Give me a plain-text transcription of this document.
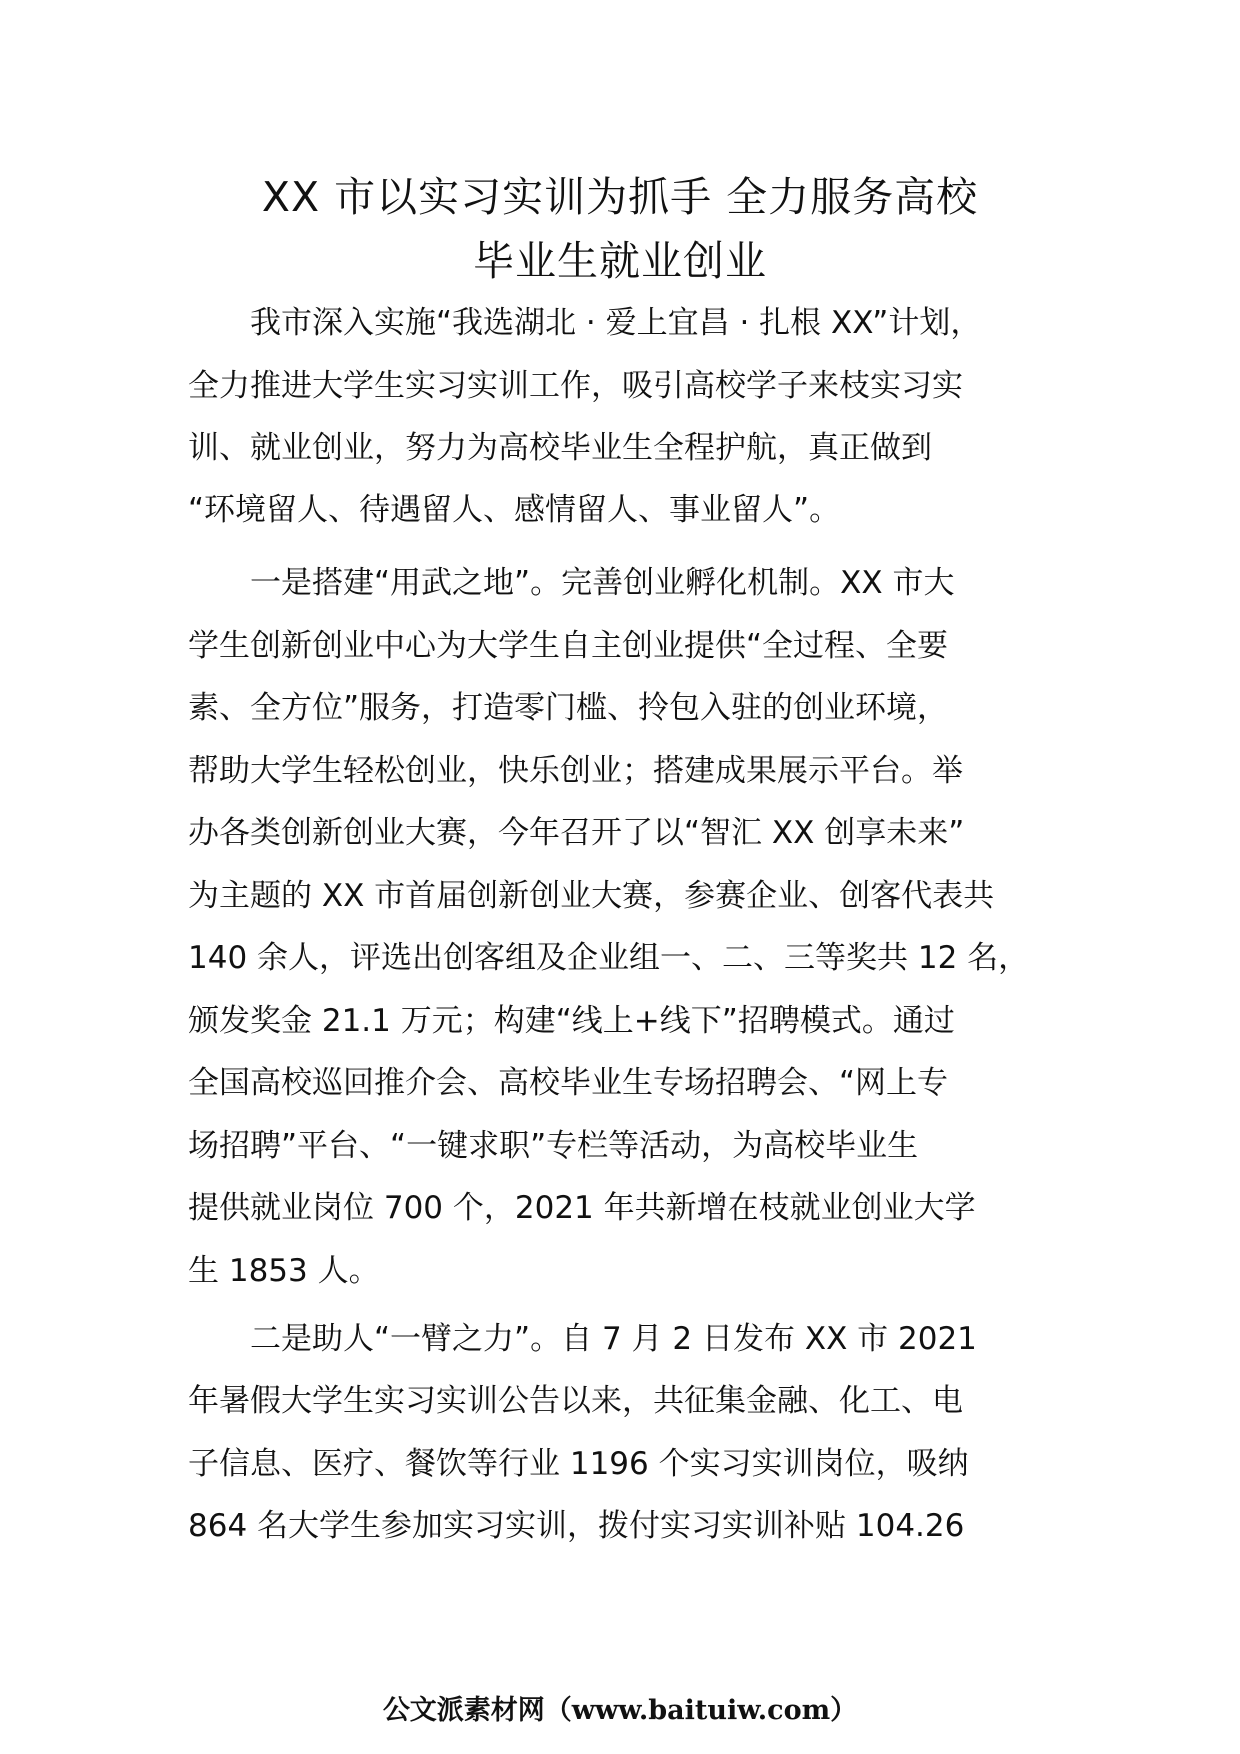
XX 市以实习实训为抓手 全力服务高校
毕业生就业创业

　　我市深入实施“我选湖北 · 爱上宜昌 · 扎根 XX”计划，

全力推进大学生实习实训工作，吸引高校学子来枝实习实

训、就业创业，努力为高校毕业生全程护航，真正做到

“环境留人、待遇留人、感情留人、事业留人”。

　　一是搭建“用武之地”。完善创业孵化机制。XX 市大

学生创新创业中心为大学生自主创业提供“全过程、全要

素、全方位”服务，打造零门槛、拎包入驻的创业环境，

帮助大学生轻松创业，快乐创业；搭建成果展示平台。举

办各类创新创业大赛，今年召开了以“智汇 XX 创享未来”

为主题的 XX 市首届创新创业大赛，参赛企业、创客代表共

140 余人，评选出创客组及企业组一、二、三等奖共 12 名，

颁发奖金 21.1 万元；构建“线上+线下”招聘模式。通过

全国高校巡回推介会、高校毕业生专场招聘会、“网上专

场招聘”平台、“一键求职”专栏等活动，为高校毕业生

提供就业岗位 700 个，2021 年共新增在枝就业创业大学

生 1853 人。

　　二是助人“一臂之力”。自 7 月 2 日发布 XX 市 2021

年暑假大学生实习实训公告以来，共征集金融、化工、电

子信息、医疗、餐饮等行业 1196 个实习实训岗位，吸纳

864 名大学生参加实习实训，拨付实习实训补贴 104.26

公文派素材网（www.baituiw.com）
